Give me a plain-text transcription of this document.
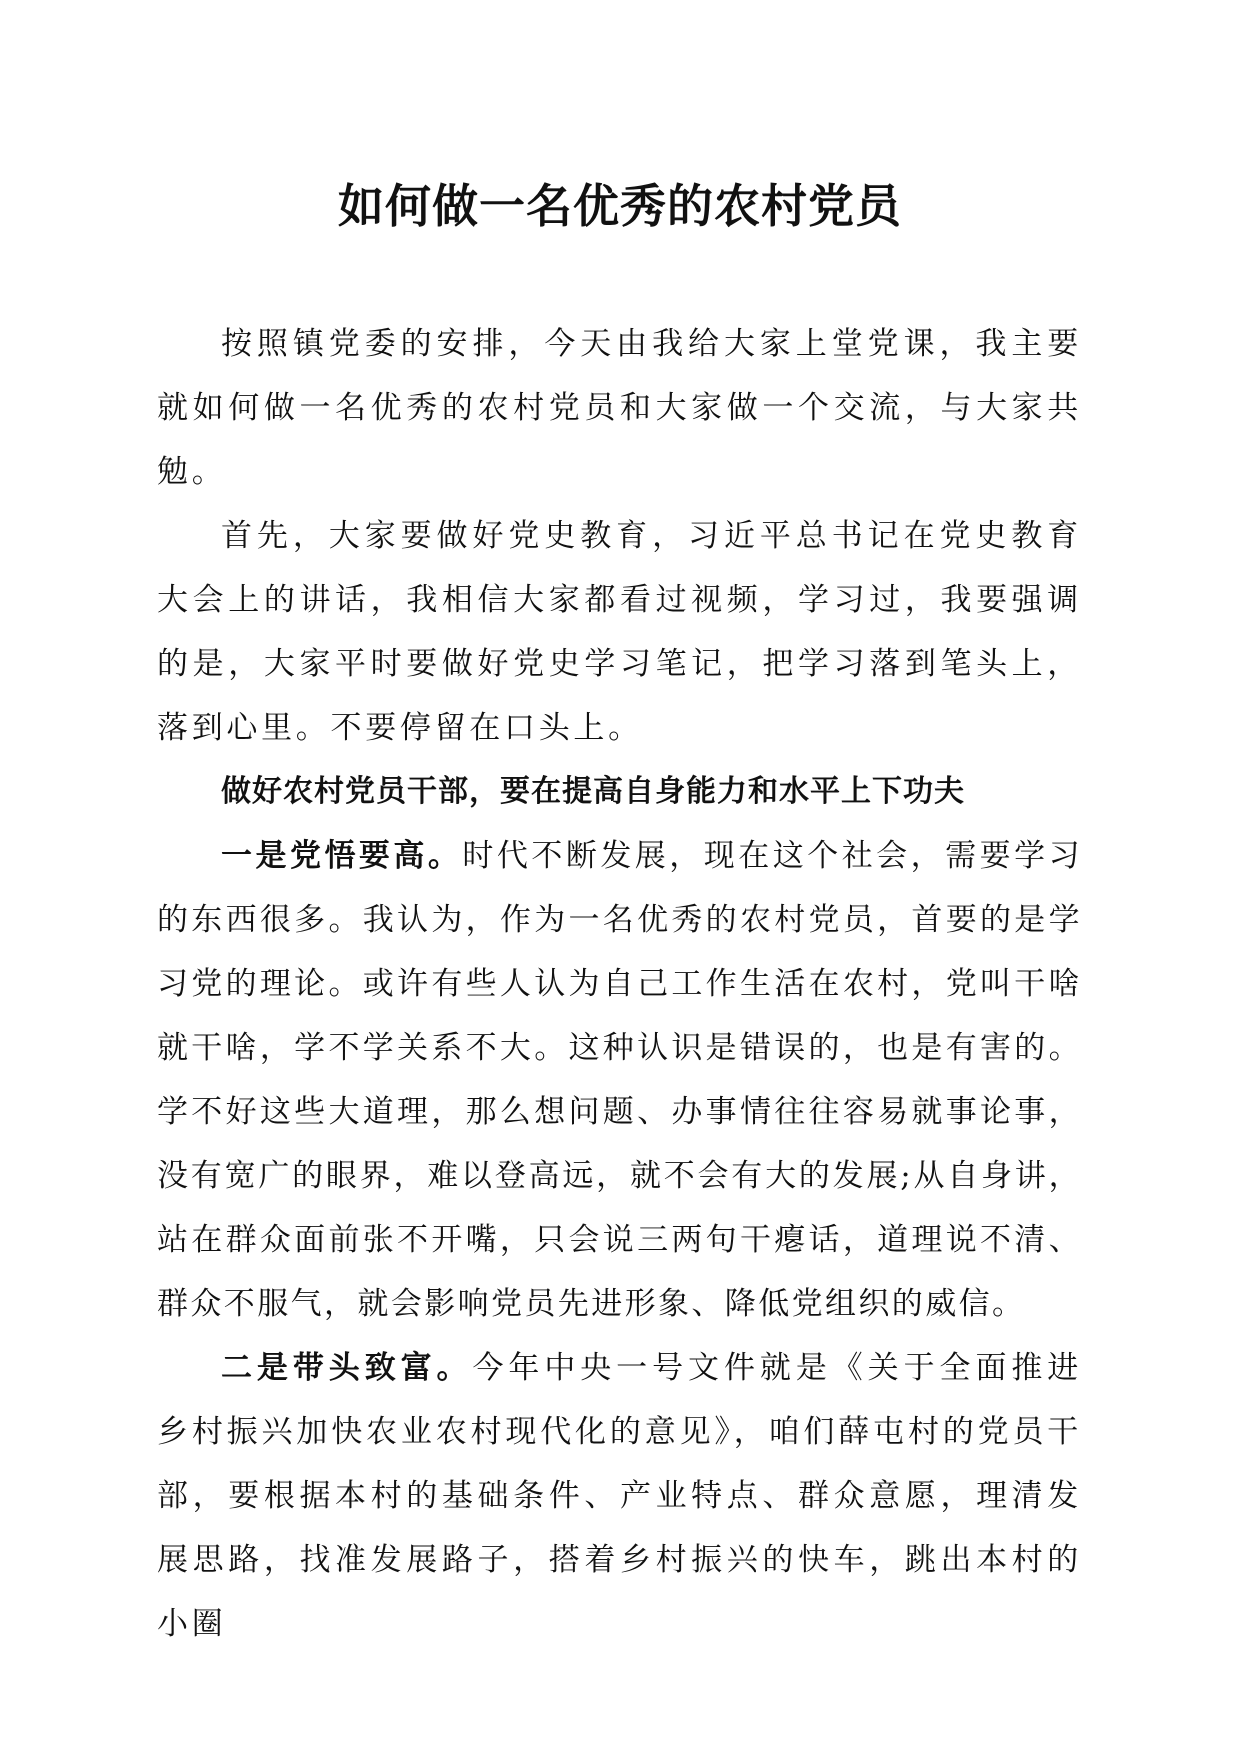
如何做一名优秀的农村党员

按照镇党委的安排，今天由我给大家上堂党课，我主要就如何做一名优秀的农村党员和大家做一个交流，与大家共勉。

首先，大家要做好党史教育，习近平总书记在党史教育大会上的讲话，我相信大家都看过视频，学习过，我要强调的是，大家平时要做好党史学习笔记，把学习落到笔头上，落到心里。不要停留在口头上。

做好农村党员干部，要在提高自身能力和水平上下功夫

一是党悟要高。时代不断发展，现在这个社会，需要学习的东西很多。我认为，作为一名优秀的农村党员，首要的是学习党的理论。或许有些人认为自己工作生活在农村，党叫干啥就干啥，学不学关系不大。这种认识是错误的，也是有害的。学不好这些大道理，那么想问题、办事情往往容易就事论事，没有宽广的眼界，难以登高远，就不会有大的发展;从自身讲，站在群众面前张不开嘴，只会说三两句干瘪话，道理说不清、群众不服气，就会影响党员先进形象、降低党组织的威信。

二是带头致富。今年中央一号文件就是《关于全面推进乡村振兴加快农业农村现代化的意见》，咱们薛屯村的党员干部，要根据本村的基础条件、产业特点、群众意愿，理清发展思路，找准发展路子，搭着乡村振兴的快车，跳出本村的小圈
